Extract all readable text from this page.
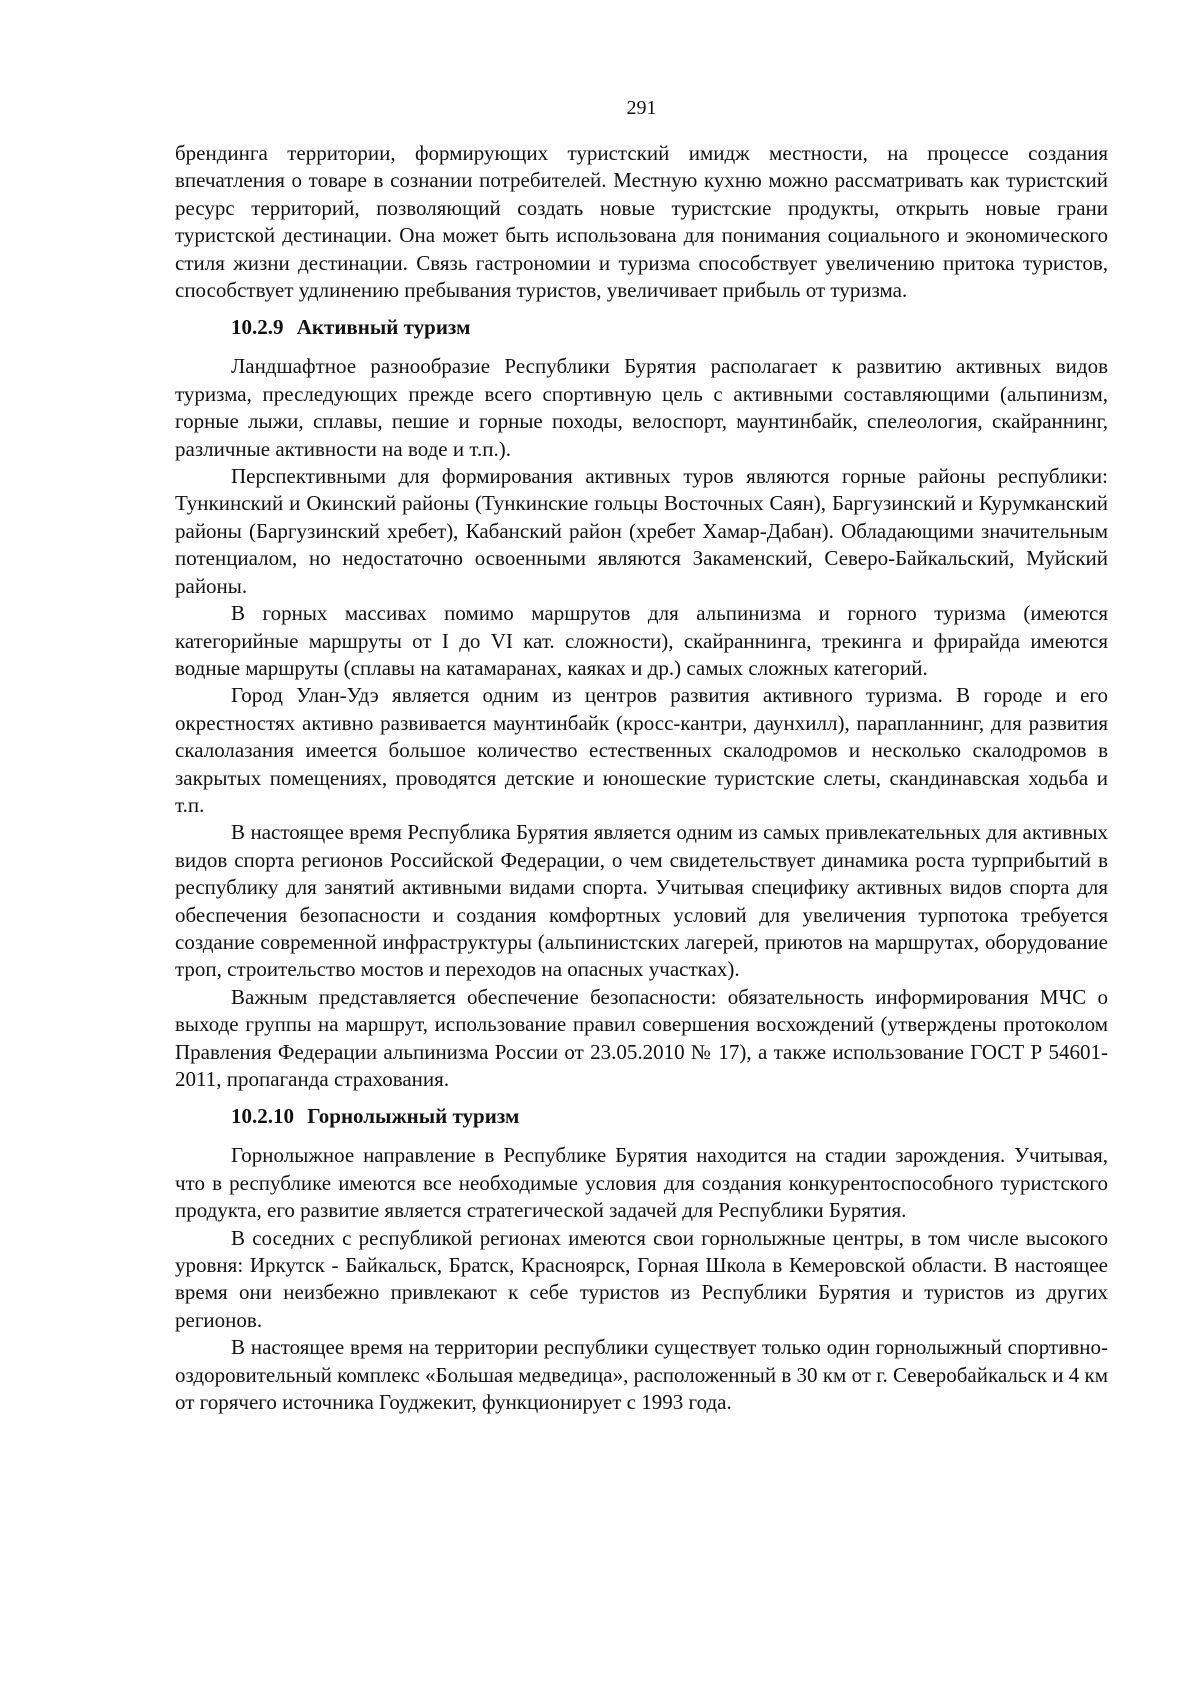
291

брендинга территории, формирующих туристский имидж местности, на процессе создания впечатления о товаре в сознании потребителей. Местную кухню можно рассматривать как туристский ресурс территорий, позволяющий создать новые туристские продукты, открыть новые грани туристской дестинации. Она может быть использована для понимания социального и экономического стиля жизни дестинации. Связь гастрономии и туризма способствует увеличению притока туристов, способствует удлинению пребывания туристов, увеличивает прибыль от туризма.

10.2.9 Активный туризм

Ландшафтное разнообразие Республики Бурятия располагает к развитию активных видов туризма, преследующих прежде всего спортивную цель с активными составляющими (альпинизм, горные лыжи, сплавы, пешие и горные походы, велоспорт, маунтинбайк, спелеология, скайраннинг, различные активности на воде и т.п.).

Перспективными для формирования активных туров являются горные районы республики: Тункинский и Окинский районы (Тункинские гольцы Восточных Саян), Баргузинский и Курумканский районы (Баргузинский хребет), Кабанский район (хребет Хамар-Дабан). Обладающими значительным потенциалом, но недостаточно освоенными являются Закаменский, Северо-Байкальский, Муйский районы.

В горных массивах помимо маршрутов для альпинизма и горного туризма (имеются категорийные маршруты от I до VI кат. сложности), скайраннинга, трекинга и фрирайда имеются водные маршруты (сплавы на катамаранах, каяках и др.) самых сложных категорий.

Город Улан-Удэ является одним из центров развития активного туризма. В городе и его окрестностях активно развивается маунтинбайк (кросс-кантри, даунхилл), парапланнинг, для развития скалолазания имеется большое количество естественных скалодромов и несколько скалодромов в закрытых помещениях, проводятся детские и юношеские туристские слеты, скандинавская ходьба и т.п.

В настоящее время Республика Бурятия является одним из самых привлекательных для активных видов спорта регионов Российской Федерации, о чем свидетельствует динамика роста турприбытий в республику для занятий активными видами спорта. Учитывая специфику активных видов спорта для обеспечения безопасности и создания комфортных условий для увеличения турпотока требуется создание современной инфраструктуры (альпинистских лагерей, приютов на маршрутах, оборудование троп, строительство мостов и переходов на опасных участках).

Важным представляется обеспечение безопасности: обязательность информирования МЧС о выходе группы на маршрут, использование правил совершения восхождений (утверждены протоколом Правления Федерации альпинизма России от 23.05.2010 № 17), а также использование ГОСТ Р 54601-2011, пропаганда страхования.

10.2.10 Горнолыжный туризм

Горнолыжное направление в Республике Бурятия находится на стадии зарождения. Учитывая, что в республике имеются все необходимые условия для создания конкурентоспособного туристского продукта, его развитие является стратегической задачей для Республики Бурятия.

В соседних с республикой регионах имеются свои горнолыжные центры, в том числе высокого уровня: Иркутск - Байкальск, Братск, Красноярск, Горная Школа в Кемеровской области. В настоящее время они неизбежно привлекают к себе туристов из Республики Бурятия и туристов из других регионов.

В настоящее время на территории республики существует только один горнолыжный спортивно-оздоровительный комплекс «Большая медведица», расположенный в 30 км от г. Северобайкальск и 4 км от горячего источника Гоуджекит, функционирует с 1993 года.
